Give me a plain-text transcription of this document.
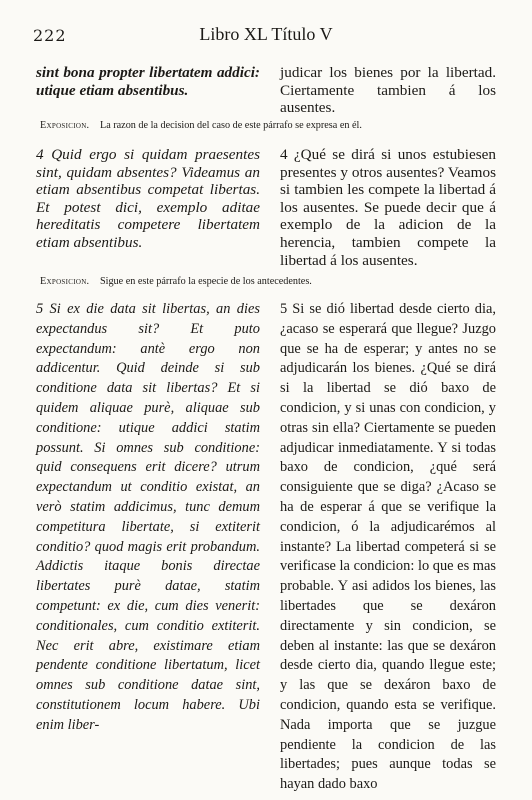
222	Libro XL Título V

sint bona propter libertatem addici: utique etiam absentibus.

judicar los bienes por la libertad. Ciertamente tambien á los ausentes.

Exposicion. La razon de la decision del caso de este párrafo se expresa en él.

4 Quid ergo si quidam praesentes sint, quidam absentes? Videamus an etiam absentibus competat libertas. Et potest dici, exemplo aditae hereditatis competere libertatem etiam absentibus.

4 ¿Qué se dirá si unos estubiesen presentes y otros ausentes? Veamos si tambien les compete la libertad á los ausentes. Se puede decir que á exemplo de la adicion de la herencia, tambien compete la libertad á los ausentes.

Exposicion. Sigue en este párrafo la especie de los antecedentes.

5 Si ex die data sit libertas, an dies expectandus sit? Et puto expectandum: antè ergo non addicentur. Quid deinde si sub conditione data sit libertas? Et si quidem aliquae purè, aliquae sub conditione: utique addici statim possunt. Si omnes sub conditione: quid consequens erit dicere? utrum expectandum ut conditio existat, an verò statim addicimus, tunc demum competitura libertate, si extiterit conditio? quod magis erit probandum. Addictis itaque bonis directae libertates purè datae, statim competunt: ex die, cum dies venerit: conditionales, cum conditio extiterit. Nec erit abre, existimare etiam pendente conditione libertatum, licet omnes sub conditione datae sint, constitutionem locum habere. Ubi enim liber-

5 Si se dió libertad desde cierto dia, ¿acaso se esperará que llegue? Juzgo que se ha de esperar; y antes no se adjudicarán los bienes. ¿Qué se dirá si la libertad se dió baxo de condicion, y si unas con condicion, y otras sin ella? Ciertamente se pueden adjudicar inmediatamente. Y si todas baxo de condicion, ¿qué será consiguiente que se diga? ¿Acaso se ha de esperar á que se verifique la condicion, ó la adjudicarémos al instante? La libertad competerá si se verificase la condicion: lo que es mas probable. Y asi adidos los bienes, las libertades que se dexáron directamente y sin condicion, se deben al instante: las que se dexáron desde cierto dia, quando llegue este; y las que se dexáron baxo de condicion, quando esta se verifique. Nada importa que se juzgue pendiente la condicion de las libertades; pues aunque todas se hayan dado baxo
